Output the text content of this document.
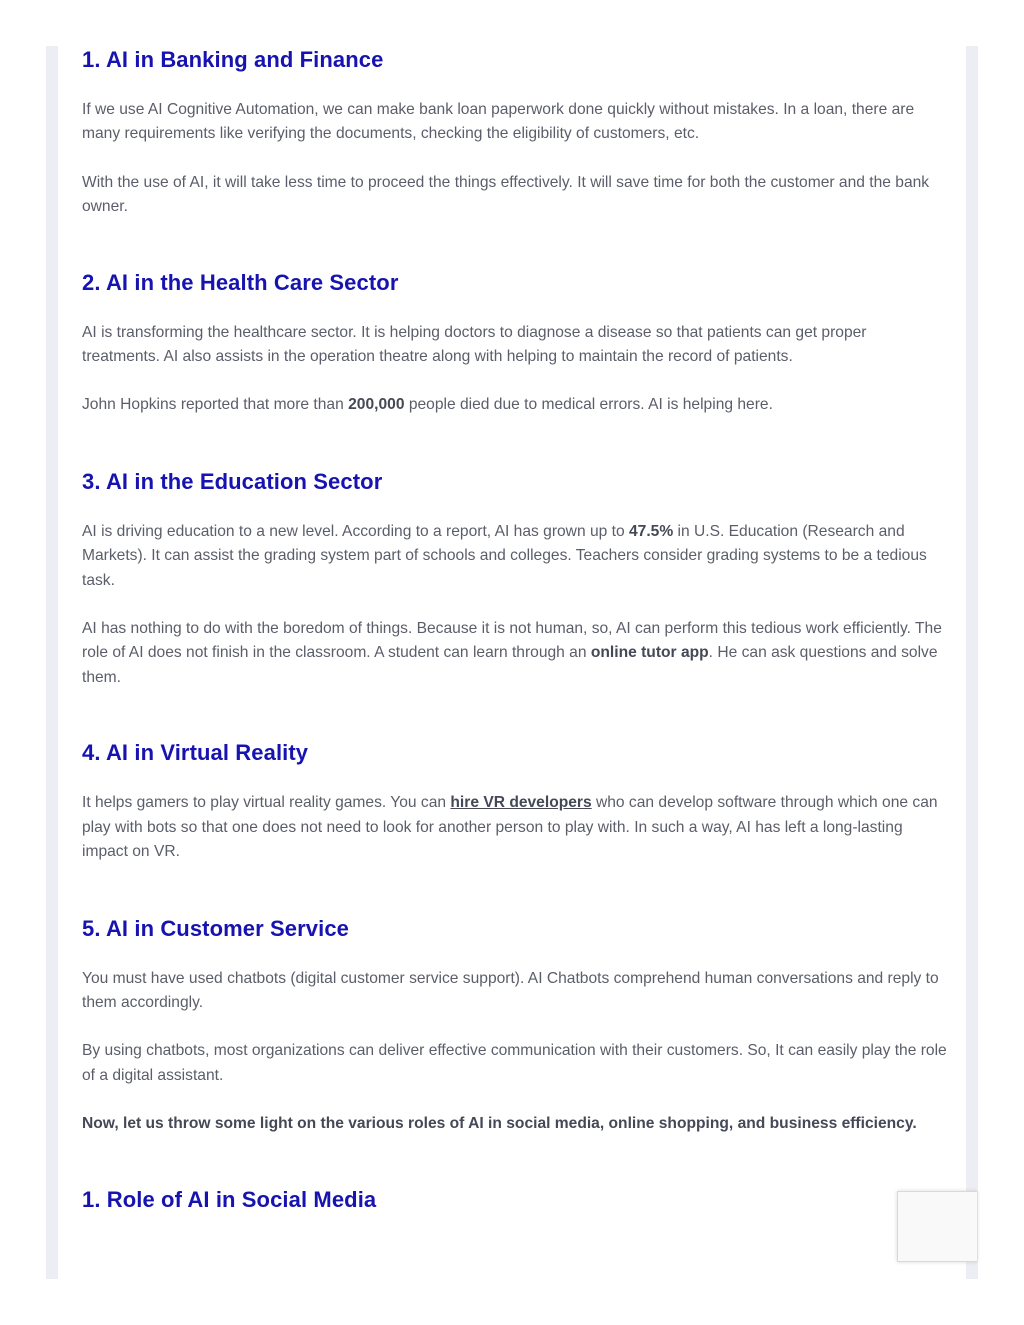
1. AI in Banking and Finance

If we use AI Cognitive Automation, we can make bank loan paperwork done quickly without mistakes. In a loan, there are many requirements like verifying the documents, checking the eligibility of customers, etc.

With the use of AI, it will take less time to proceed the things effectively. It will save time for both the customer and the bank owner.

2. AI in the Health Care Sector

AI is transforming the healthcare sector. It is helping doctors to diagnose a disease so that patients can get proper treatments. AI also assists in the operation theatre along with helping to maintain the record of patients.

John Hopkins reported that more than 200,000 people died due to medical errors. AI is helping here.

3. AI in the Education Sector

AI is driving education to a new level. According to a report, AI has grown up to 47.5% in U.S. Education (Research and Markets). It can assist the grading system part of schools and colleges. Teachers consider grading systems to be a tedious task.

AI has nothing to do with the boredom of things. Because it is not human, so, AI can perform this tedious work efficiently. The role of AI does not finish in the classroom. A student can learn through an online tutor app. He can ask questions and solve them.

4. AI in Virtual Reality

It helps gamers to play virtual reality games. You can hire VR developers who can develop software through which one can play with bots so that one does not need to look for another person to play with. In such a way, AI has left a long-lasting impact on VR.

5. AI in Customer Service

You must have used chatbots (digital customer service support). AI Chatbots comprehend human conversations and reply to them accordingly.

By using chatbots, most organizations can deliver effective communication with their customers. So, It can easily play the role of a digital assistant.

Now, let us throw some light on the various roles of AI in social media, online shopping, and business efficiency.

1. Role of AI in Social Media
